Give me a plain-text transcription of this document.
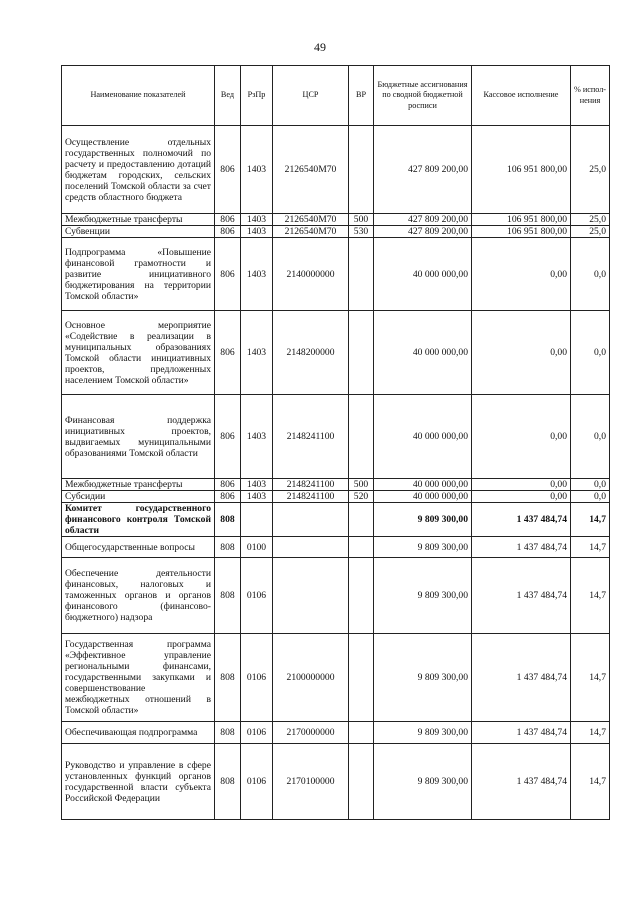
49
Наименование показателей	Вед	РзПр	ЦСР	ВР	Бюджетные ассигнования по сводной бюджетной росписи	Кассовое исполнение	% испол-нения
Осуществление отдельных государственных полномочий по расчету и предоставлению дотаций бюджетам городских, сельских поселений Томской области за счет средств областного бюджета	806	1403	2126540М70		427 809 200,00	106 951 800,00	25,0
Межбюджетные трансферты	806	1403	2126540М70	500	427 809 200,00	106 951 800,00	25,0
Субвенции	806	1403	2126540М70	530	427 809 200,00	106 951 800,00	25,0
Подпрограмма «Повышение финансовой грамотности и развитие инициативного бюджетирования на территории Томской области»	806	1403	2140000000		40 000 000,00	0,00	0,0
Основное мероприятие «Содействие в реализации в муниципальных образованиях Томской области инициативных проектов, предложенных населением Томской области»	806	1403	2148200000		40 000 000,00	0,00	0,0
Финансовая поддержка инициативных проектов, выдвигаемых муниципальными образованиями Томской области	806	1403	2148241100		40 000 000,00	0,00	0,0
Межбюджетные трансферты	806	1403	2148241100	500	40 000 000,00	0,00	0,0
Субсидии	806	1403	2148241100	520	40 000 000,00	0,00	0,0
Комитет государственного финансового контроля Томской области	808				9 809 300,00	1 437 484,74	14,7
Общегосударственные вопросы	808	0100			9 809 300,00	1 437 484,74	14,7
Обеспечение деятельности финансовых, налоговых и таможенных органов и органов финансового (финансово-бюджетного) надзора	808	0106			9 809 300,00	1 437 484,74	14,7
Государственная программа «Эффективное управление региональными финансами, государственными закупками и совершенствование межбюджетных отношений в Томской области»	808	0106	2100000000		9 809 300,00	1 437 484,74	14,7
Обеспечивающая подпрограмма	808	0106	2170000000		9 809 300,00	1 437 484,74	14,7
Руководство и управление в сфере установленных функций органов государственной власти субъекта Российской Федерации	808	0106	2170100000		9 809 300,00	1 437 484,74	14,7
